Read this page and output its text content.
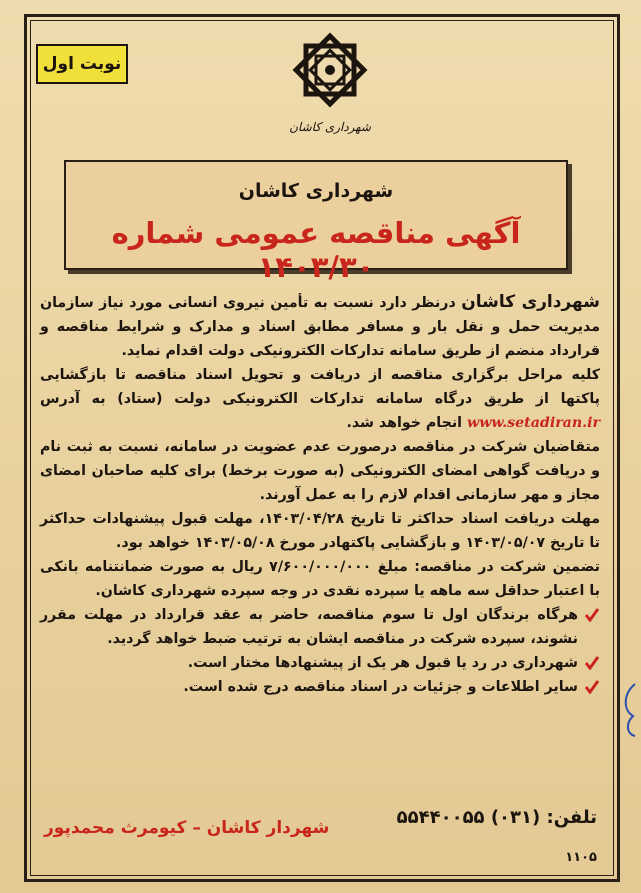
نوبت اول
شهرداری کاشان
شهرداری کاشان
آگهی مناقصه عمومی شماره ۱۴۰۳/۳۰

شهرداری کاشان درنظر دارد نسبت به تأمین نیروی انسانی مورد نیاز سازمان مدیریت حمل و نقل بار و مسافر مطابق اسناد و مدارک و شرایط مناقصه و قرارداد منضم از طریق سامانه تدارکات الکترونیکی دولت اقدام نماید.

کلیه مراحل برگزاری مناقصه از دریافت و تحویل اسناد مناقصه تا بازگشایی پاکتها از طریق درگاه سامانه تدارکات الکترونیکی دولت (ستاد) به آدرس www.setadiran.ir انجام خواهد شد.

متقاضیان شرکت در مناقصه درصورت عدم عضویت در سامانه، نسبت به ثبت نام و دریافت گواهی امضای الکترونیکی (به صورت برخط) برای کلیه صاحبان امضای مجاز و مهر سازمانی اقدام لازم را به عمل آورند.

مهلت دریافت اسناد حداکثر تا تاریخ ۱۴۰۳/۰۴/۲۸، مهلت قبول پیشنهادات حداکثر تا تاریخ ۱۴۰۳/۰۵/۰۷ و بازگشایی پاکتهادر مورخ ۱۴۰۳/۰۵/۰۸ خواهد بود.

تضمین شرکت در مناقصه: مبلغ ۷/۶۰۰/۰۰۰/۰۰۰ ریال به صورت ضمانتنامه بانکی با اعتبار حداقل سه ماهه یا سپرده نقدی در وجه سپرده شهرداری کاشان.

هرگاه برندگان اول تا سوم مناقصه، حاضر به عقد قرارداد در مهلت مقرر نشوند، سپرده شرکت در مناقصه ایشان به ترتیب ضبط خواهد گردید.

شهرداری در رد یا قبول هر یک از پیشنهادها مختار است.

سایر اطلاعات و جزئیات در اسناد مناقصه درج شده است.

تلفن: (۰۳۱) ۵۵۴۴۰۰۵۵
شهردار کاشان – کیومرث محمدپور
۱۱۰۵
